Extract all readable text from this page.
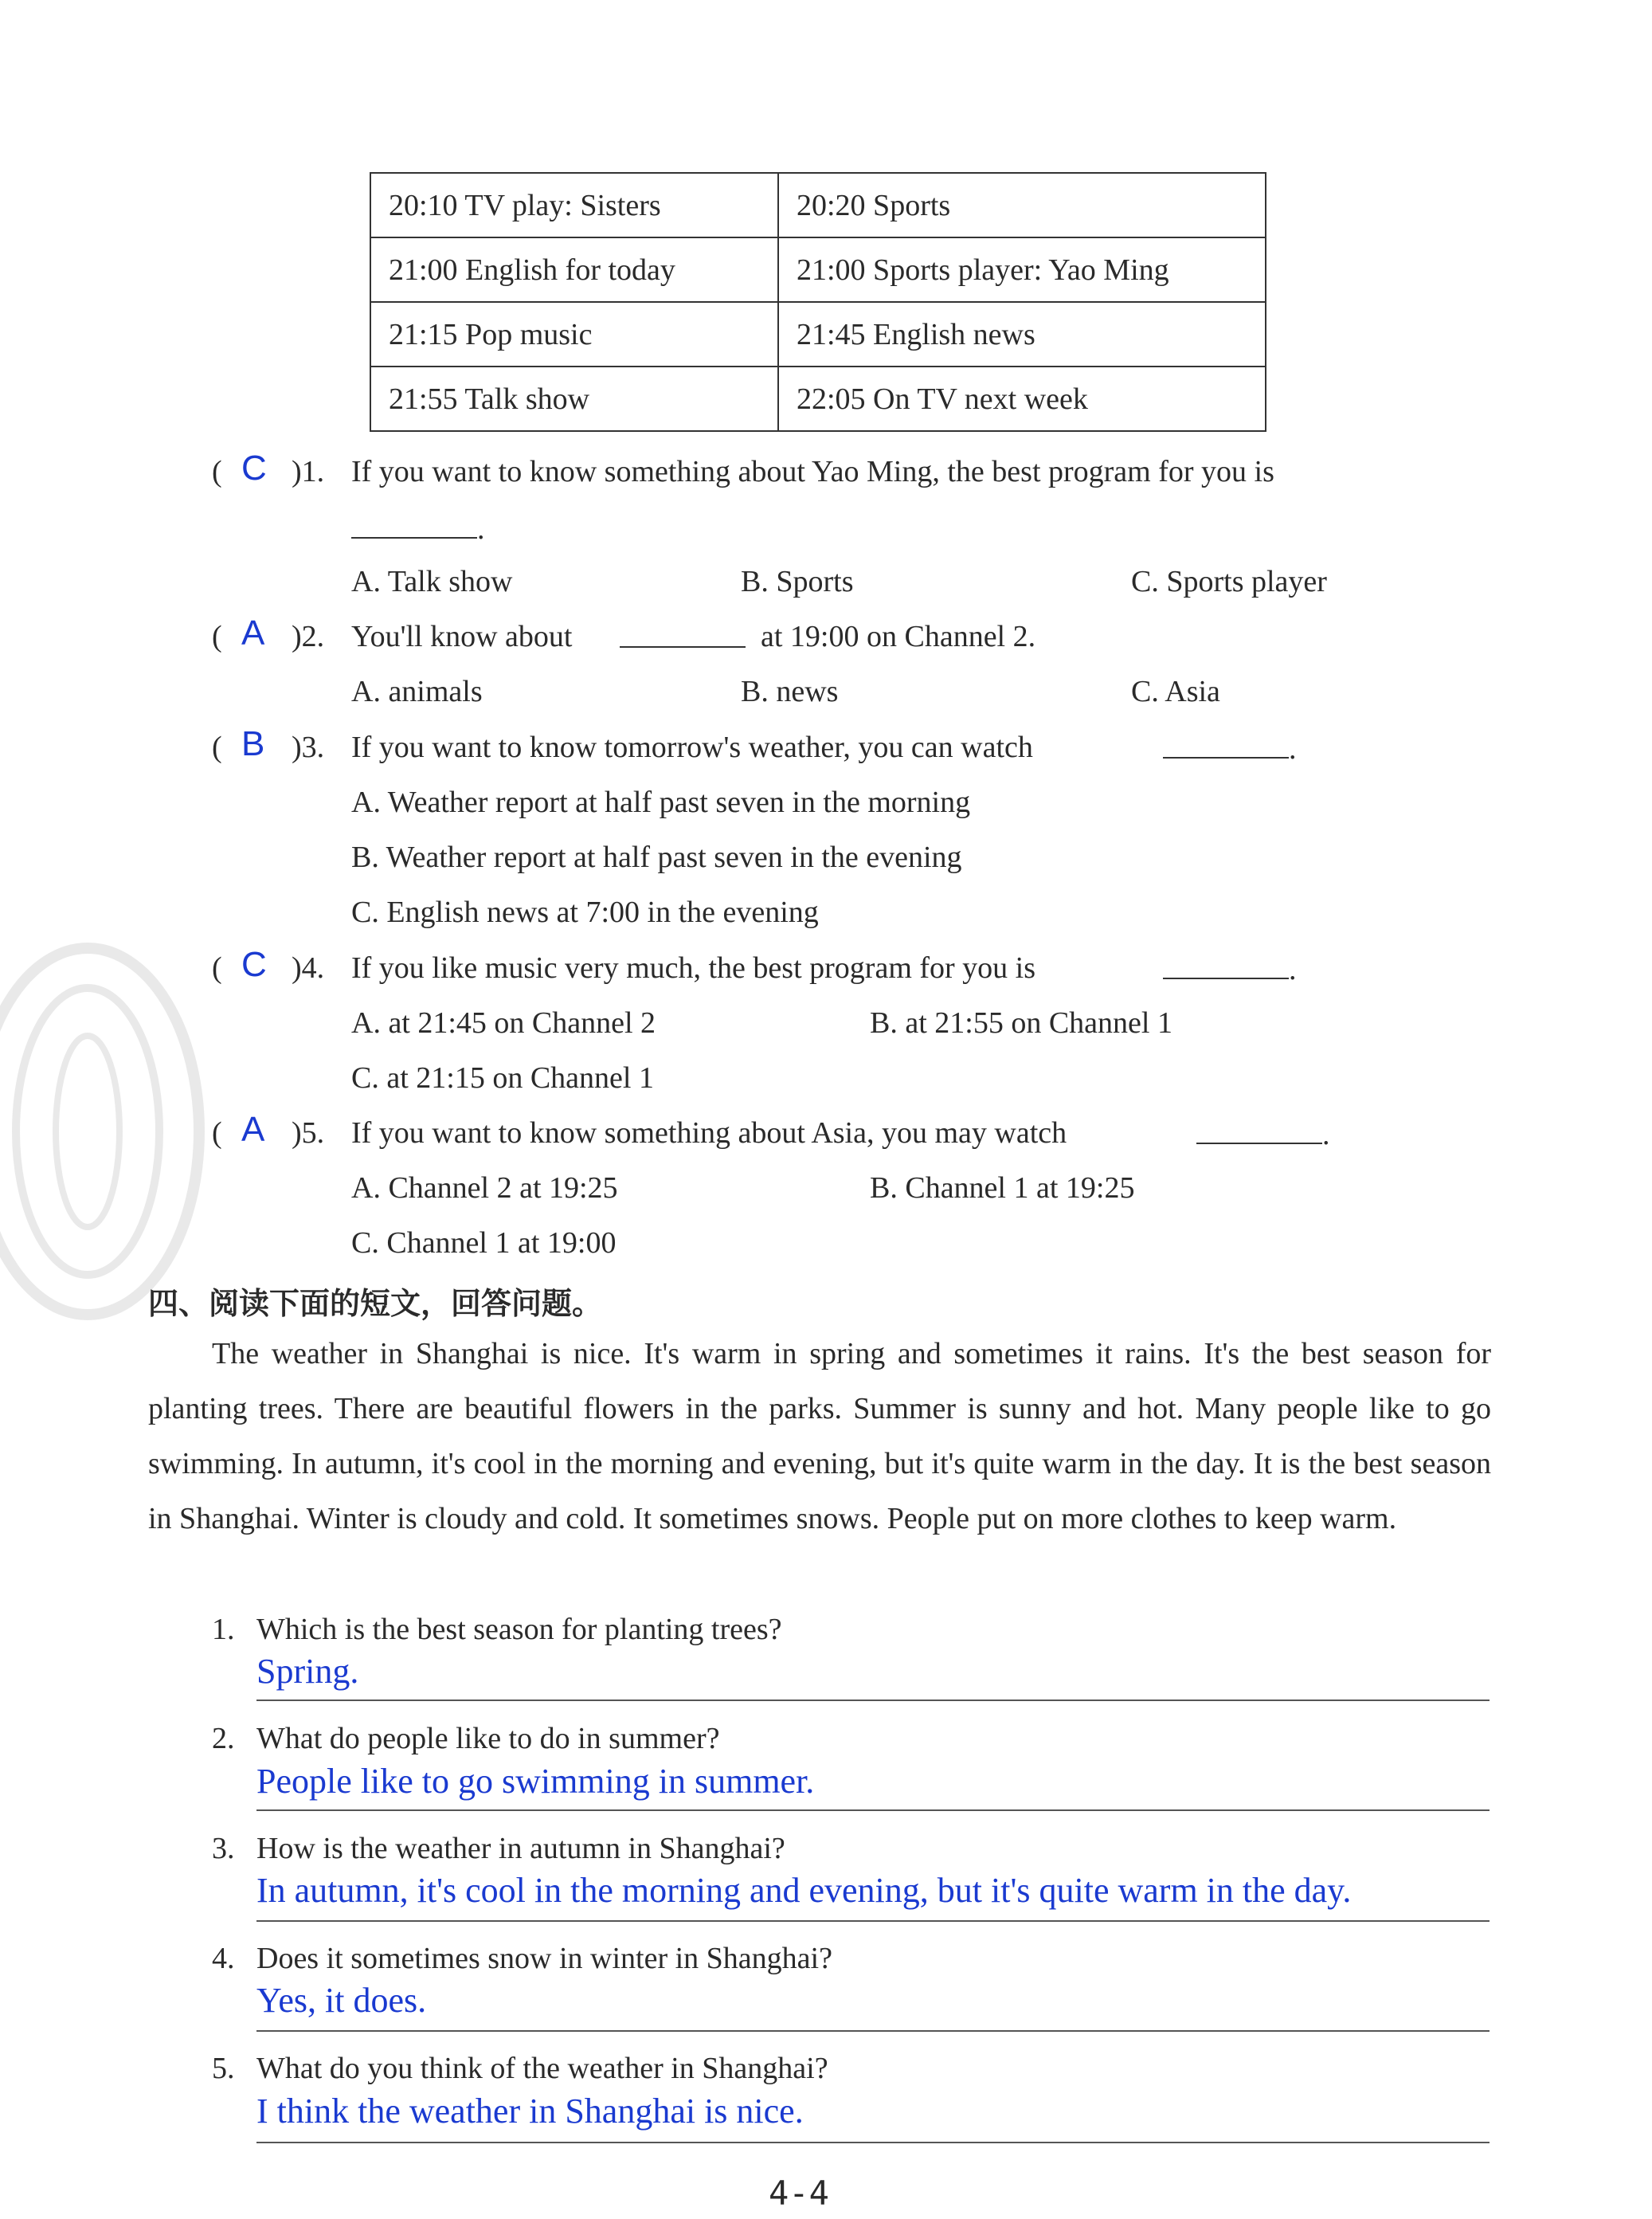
20:10 TV play: Sisters	20:20 Sports
21:00 English for today	21:00 Sports player: Yao Ming
21:15 Pop music	21:45 English news
21:55 Talk show	22:05 On TV next week
( C )1. If you want to know something about Yao Ming, the best program for you is
.
A. Talk show	B. Sports	C. Sports player
( A )2. You'll know about	at 19:00 on Channel 2.
A. animals	B. news	C. Asia
( B )3. If you want to know tomorrow's weather, you can watch	.
A. Weather report at half past seven in the morning
B. Weather report at half past seven in the evening
C. English news at 7:00 in the evening
( C )4. If you like music very much, the best program for you is	.
A. at 21:45 on Channel 2	B. at 21:55 on Channel 1
C. at 21:15 on Channel 1
( A )5. If you want to know something about Asia, you may watch	.
A. Channel 2 at 19:25	B. Channel 1 at 19:25
C. Channel 1 at 19:00
四、阅读下面的短文，回答问题。
The weather in Shanghai is nice. It's warm in spring and sometimes it rains. It's the best season for planting trees. There are beautiful flowers in the parks. Summer is sunny and hot. Many people like to go swimming. In autumn, it's cool in the morning and evening, but it's quite warm in the day. It is the best season in Shanghai. Winter is cloudy and cold. It sometimes snows. People put on more clothes to keep warm.
1. Which is the best season for planting trees?
Spring.
2. What do people like to do in summer?
People like to go swimming in summer.
3. How is the weather in autumn in Shanghai?
In autumn, it's cool in the morning and evening, but it's quite warm in the day.
4. Does it sometimes snow in winter in Shanghai?
Yes, it does.
5. What do you think of the weather in Shanghai?
I think the weather in Shanghai is nice.
4-4
